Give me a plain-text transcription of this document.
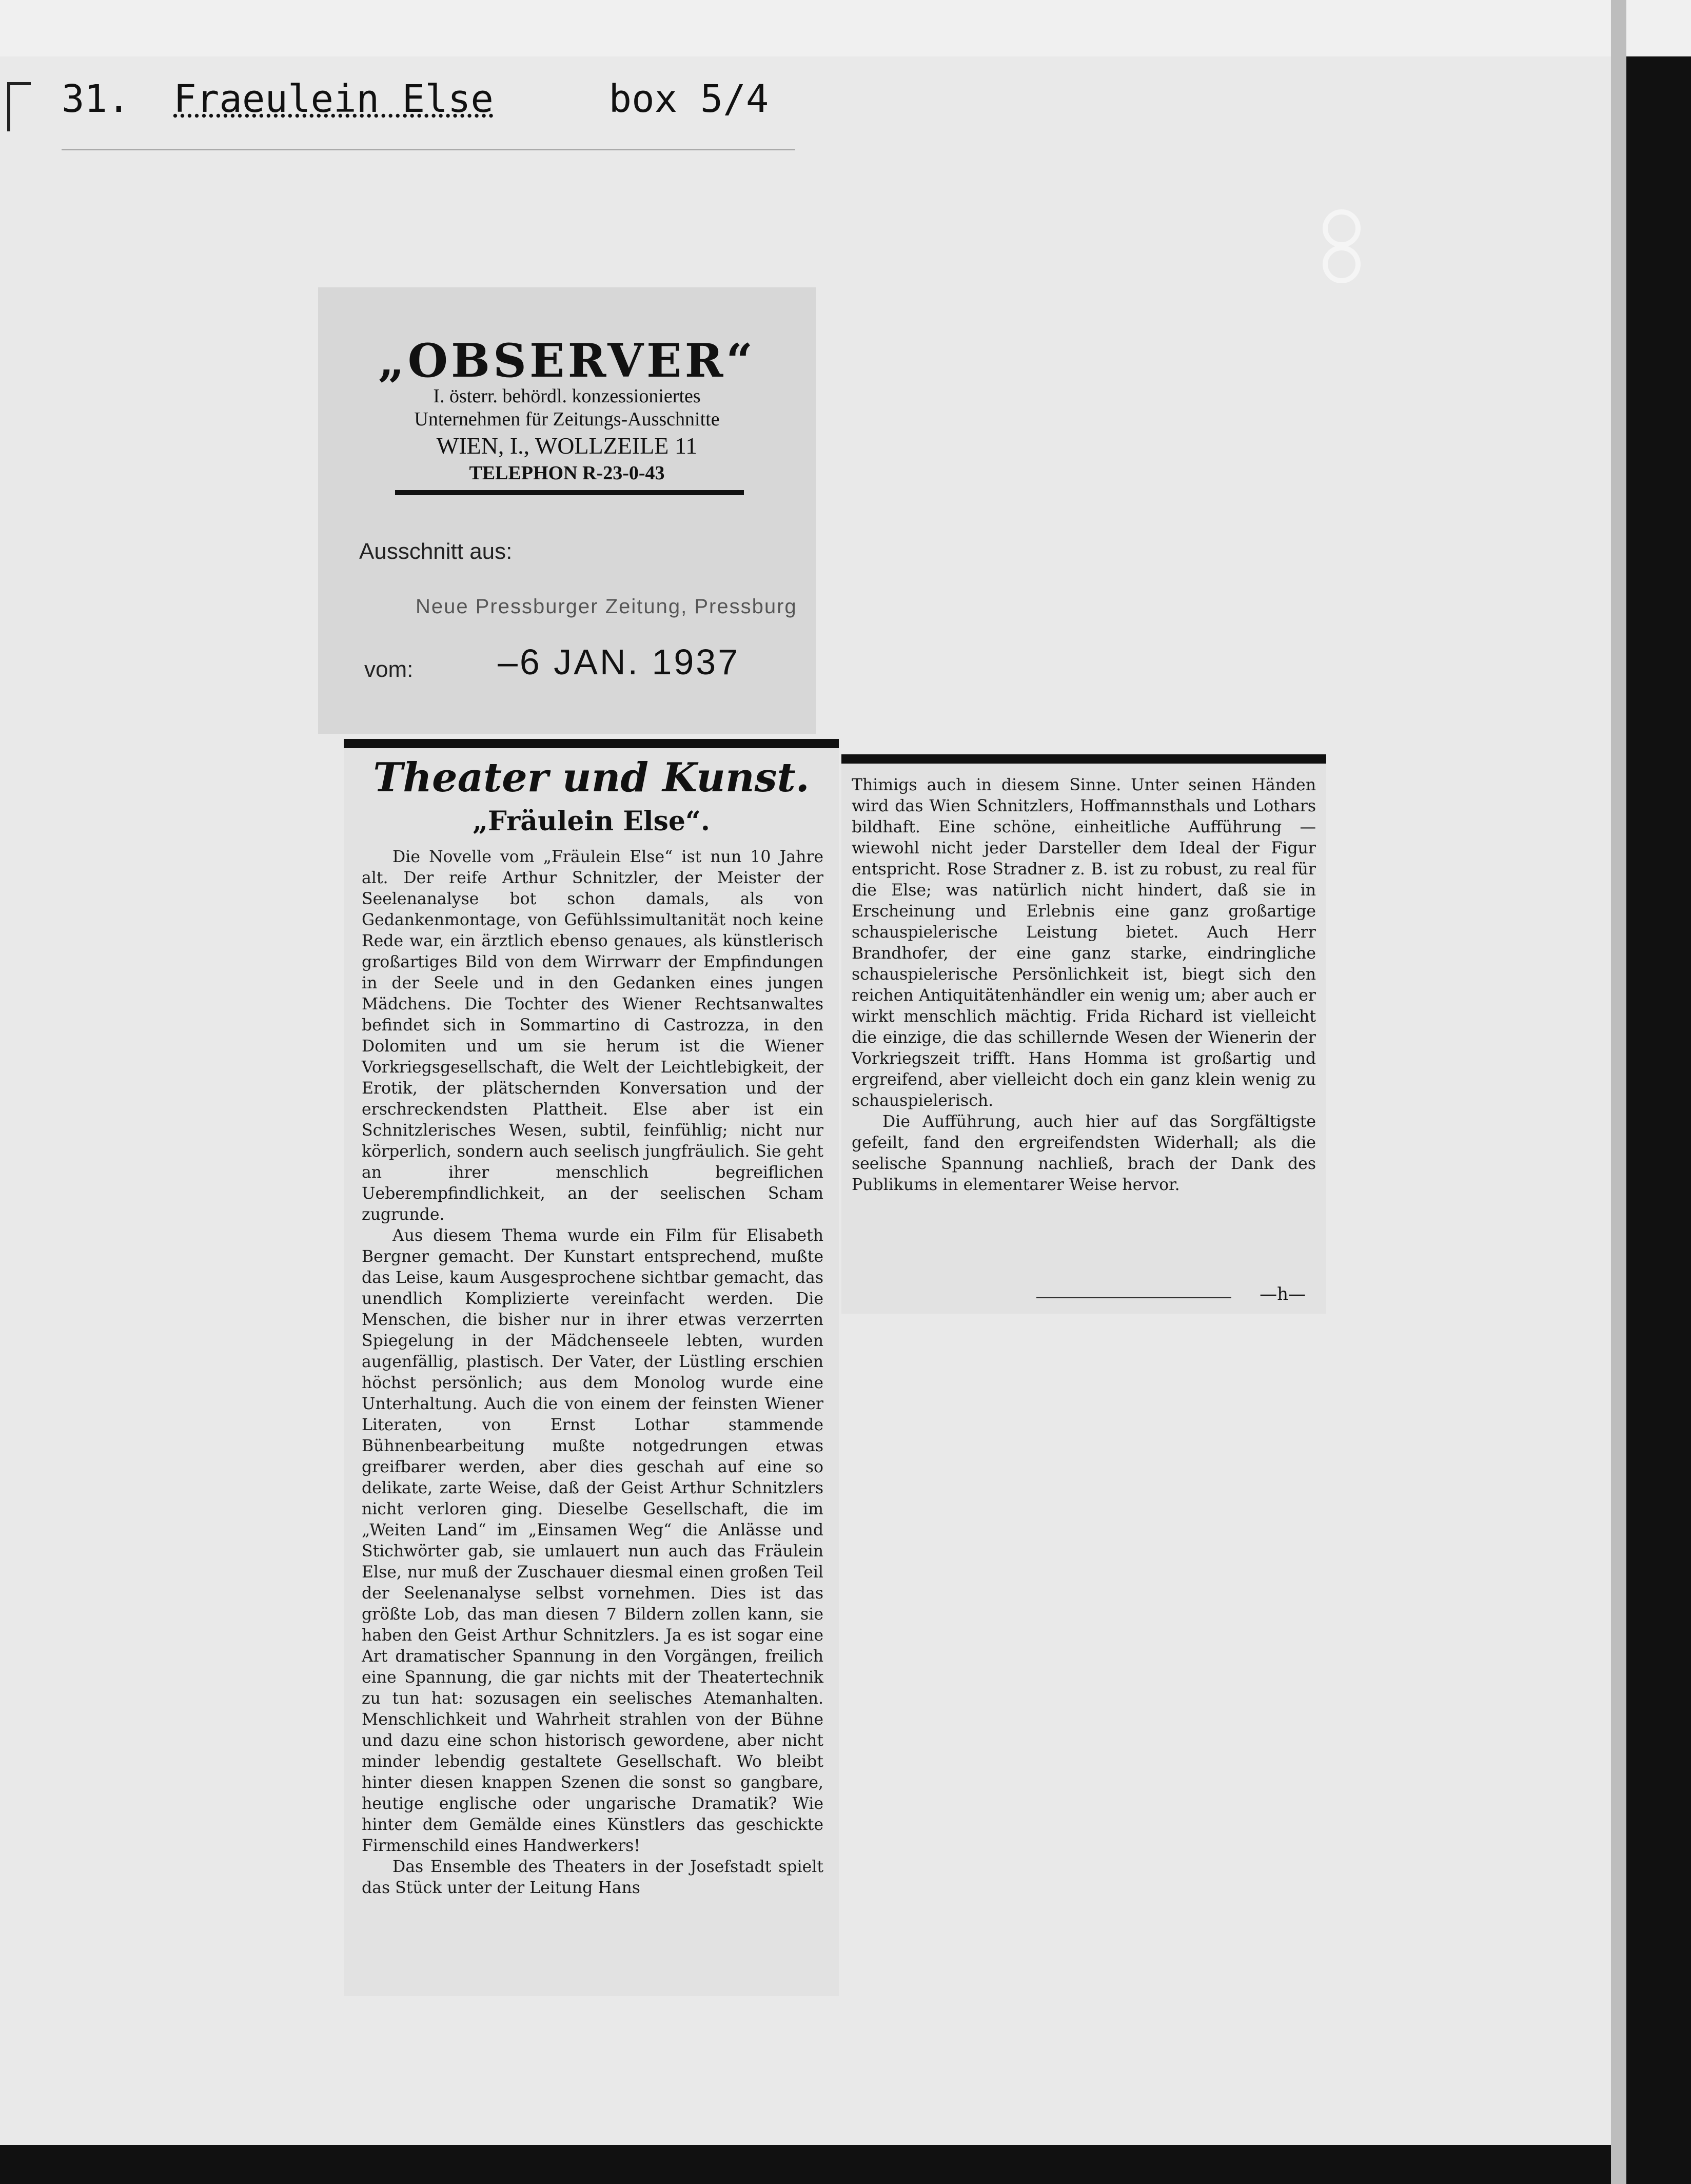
31. Fraeulein Else	box 5/4
„OBSERVER“
I. österr. behördl. konzessioniertes
Unternehmen für Zeitungs-Ausschnitte
WIEN, I., WOLLZEILE 11
TELEPHON R-23-0-43
Ausschnitt aus:
Neue Pressburger Zeitung, Pressburg
vom: –6 JAN. 1937
Theater und Kunst.
„Fräulein Else“.

Die Novelle vom „Fräulein Else“ ist nun 10 Jahre alt. Der reife Arthur Schnitzler, der Meister der Seelenanalyse bot schon damals, als von Gedankenmontage, von Gefühlssimultanität noch keine Rede war, ein ärztlich ebenso genaues, als künstlerisch großartiges Bild von dem Wirrwarr der Empfindungen in der Seele und in den Gedanken eines jungen Mädchens. Die Tochter des Wiener Rechtsanwaltes befindet sich in Sommartino di Castrozza, in den Dolomiten und um sie herum ist die Wiener Vorkriegsgesellschaft, die Welt der Leichtlebigkeit, der Erotik, der plätschernden Konversation und der erschreckendsten Plattheit. Else aber ist ein Schnitzlerisches Wesen, subtil, feinfühlig; nicht nur körperlich, sondern auch seelisch jungfräulich. Sie geht an ihrer menschlich begreiflichen Ueberempfindlichkeit, an der seelischen Scham zugrunde.

Aus diesem Thema wurde ein Film für Elisabeth Bergner gemacht. Der Kunstart entsprechend, mußte das Leise, kaum Ausgesprochene sichtbar gemacht, das unendlich Komplizierte vereinfacht werden. Die Menschen, die bisher nur in ihrer etwas verzerrten Spiegelung in der Mädchenseele lebten, wurden augenfällig, plastisch. Der Vater, der Lüstling erschien höchst persönlich; aus dem Monolog wurde eine Unterhaltung. Auch die von einem der feinsten Wiener Literaten, von Ernst Lothar stammende Bühnenbearbeitung mußte notgedrungen etwas greifbarer werden, aber dies geschah auf eine so delikate, zarte Weise, daß der Geist Arthur Schnitzlers nicht verloren ging. Dieselbe Gesellschaft, die im „Weiten Land“ im „Einsamen Weg“ die Anlässe und Stichwörter gab, sie umlauert nun auch das Fräulein Else, nur muß der Zuschauer diesmal einen großen Teil der Seelenanalyse selbst vornehmen. Dies ist das größte Lob, das man diesen 7 Bildern zollen kann, sie haben den Geist Arthur Schnitzlers. Ja es ist sogar eine Art dramatischer Spannung in den Vorgängen, freilich eine Spannung, die gar nichts mit der Theatertechnik zu tun hat: sozusagen ein seelisches Atemanhalten. Menschlichkeit und Wahrheit strahlen von der Bühne und dazu eine schon historisch gewordene, aber nicht minder lebendig gestaltete Gesellschaft. Wo bleibt hinter diesen knappen Szenen die sonst so gangbare, heutige englische oder ungarische Dramatik? Wie hinter dem Gemälde eines Künstlers das geschickte Firmenschild eines Handwerkers!

Das Ensemble des Theaters in der Josefstadt spielt das Stück unter der Leitung Hans

Thimigs auch in diesem Sinne. Unter seinen Händen wird das Wien Schnitzlers, Hoffmannsthals und Lothars bildhaft. Eine schöne, einheitliche Aufführung — wiewohl nicht jeder Darsteller dem Ideal der Figur entspricht. Rose Stradner z. B. ist zu robust, zu real für die Else; was natürlich nicht hindert, daß sie in Erscheinung und Erlebnis eine ganz großartige schauspielerische Leistung bietet. Auch Herr Brandhofer, der eine ganz starke, eindringliche schauspielerische Persönlichkeit ist, biegt sich den reichen Antiquitätenhändler ein wenig um; aber auch er wirkt menschlich mächtig. Frida Richard ist vielleicht die einzige, die das schillernde Wesen der Wienerin der Vorkriegszeit trifft. Hans Homma ist großartig und ergreifend, aber vielleicht doch ein ganz klein wenig zu schauspielerisch.

Die Aufführung, auch hier auf das Sorgfältigste gefeilt, fand den ergreifendsten Widerhall; als die seelische Spannung nachließ, brach der Dank des Publikums in elementarer Weise hervor.

—h—
